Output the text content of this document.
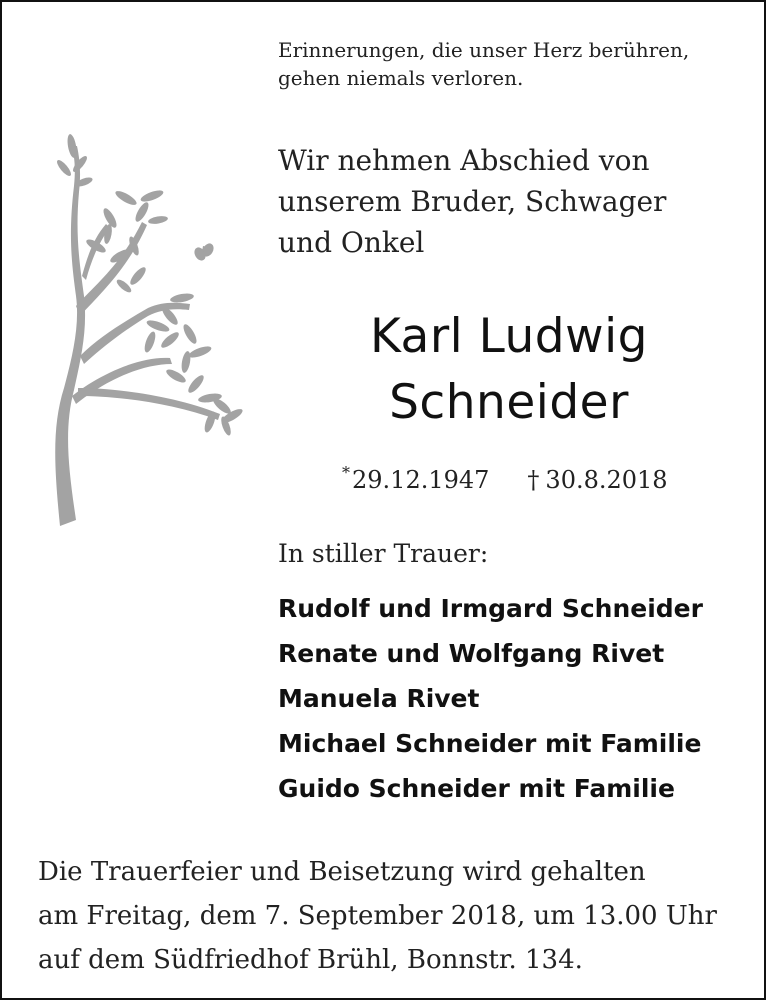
Erinnerungen, die unser Herz berühren,
gehen niemals verloren.
Wir nehmen Abschied von
unserem Bruder, Schwager
und Onkel
Karl Ludwig
Schneider
*29.12.1947 † 30.8.2018
In stiller Trauer:
Rudolf und Irmgard Schneider
Renate und Wolfgang Rivet
Manuela Rivet
Michael Schneider mit Familie
Guido Schneider mit Familie
Die Trauerfeier und Beisetzung wird gehalten
am Freitag, dem 7. September 2018, um 13.00 Uhr
auf dem Südfriedhof Brühl, Bonnstr. 134.
